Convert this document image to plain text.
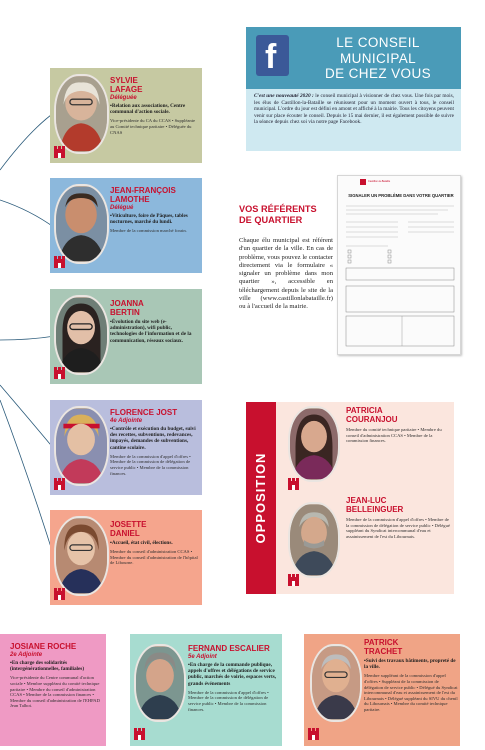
SYLVIE
LAFAGE
Déléguée
▪ Relation aux associations, Centre communal d'action sociale.
Vice-présidente du CA du CCAS • Suppléante au Comité technique paritaire • Déléguée du CNAS
JEAN-FRANÇOIS
LAMOTHE
Délégué
▪ Viticulture, foire de Pâques, tables nocturnes, marché du lundi.
Membre de la commission marché forain.
JOANNA
BERTIN
▪ Évolution du site web (e-administration), wifi public, technologies de l'information et de la communication, réseaux sociaux.
FLORENCE JOST
4e Adjointe
▪ Contrôle et exécution du budget, suivi des recettes, subventions, redevances, impayés, demandes de subventions, cantine scolaire.
Membre de la commission d'appel d'offres • Membre de la commission de délégation de service public • Membre de la commission finances.
JOSETTE
DANIEL
▪ Accueil, état civil, élections.
Membre du conseil d'administration CCAS • Membre du conseil d'administration de l'hôpital de Libourne.
JOSIANE ROCHE
2e Adjointe
▪ En charge des solidarités (intergénérationnelles, familiales)
Vice-présidente du Centre communal d'action sociale • Membre suppléant du comité technique paritaire • Membre du conseil d'administration CCAS • Membre de la commission finances • Membre du conseil d'administration de l'EHPAD Jean Talbot.
FERNAND ESCALIER
5e Adjoint
▪ En charge de la commande publique, appels d'offres et délégations de service public, marchés de voirie, espaces verts, grands événements
Membre de la commission d'appel d'offres • Membre de la commission de délégation de service public • Membre de la commission finances.
PATRICK
TRACHET
▪ Suivi des travaux bâtiments, propreté de la ville.
Membre suppléant de la commission d'appel d'offres • Suppléant de la commission de délégation de service public • Délégué du Syndicat intercommunal d'eau et assainissement de l'est du Libournais • Délégué suppléant du SIVU du chenil du Libournais • Membre du comité technique paritaire.
f	LE CONSEIL
MUNICIPAL
DE CHEZ VOUS
C'est une nouveauté 2020 : le conseil municipal à visionner de chez vous. Une fois par mois, les élus de Castillon-la-Bataille se réunissent pour un moment ouvert à tous, le conseil municipal. L'ordre du jour est défini en amont et affiché à la mairie. Tous les citoyens peuvent venir sur place écouter le conseil. Depuis le 15 mai dernier, il est également possible de suivre la séance depuis chez soi via notre page Facebook.
VOS RÉFÉRENTS
DE QUARTIER
Chaque élu municipal est référent d'un quartier de la ville. En cas de problème, vous pouvez le contacter directement via le formulaire « signaler un problème dans mon quartier », accessible en téléchargement depuis le site de la ville (www.castillonlabataille.fr) ou à l'accueil de la mairie.
Castillon-la-Bataille
SIGNALER UN PROBLÈME DANS VOTRE QUARTIER
OPPOSITION
PATRICIA
COURANJOU
Membre du comité technique paritaire • Membre du conseil d'administration CCAS • Membre de la commission finances.
JEAN-LUC
BELLEINGUER
Membre de la commission d'appel d'offres • Membre de la commission de délégation de service public • Délégué suppléant du Syndicat intercommunal d'eau et assainissement de l'est du Libournais.
